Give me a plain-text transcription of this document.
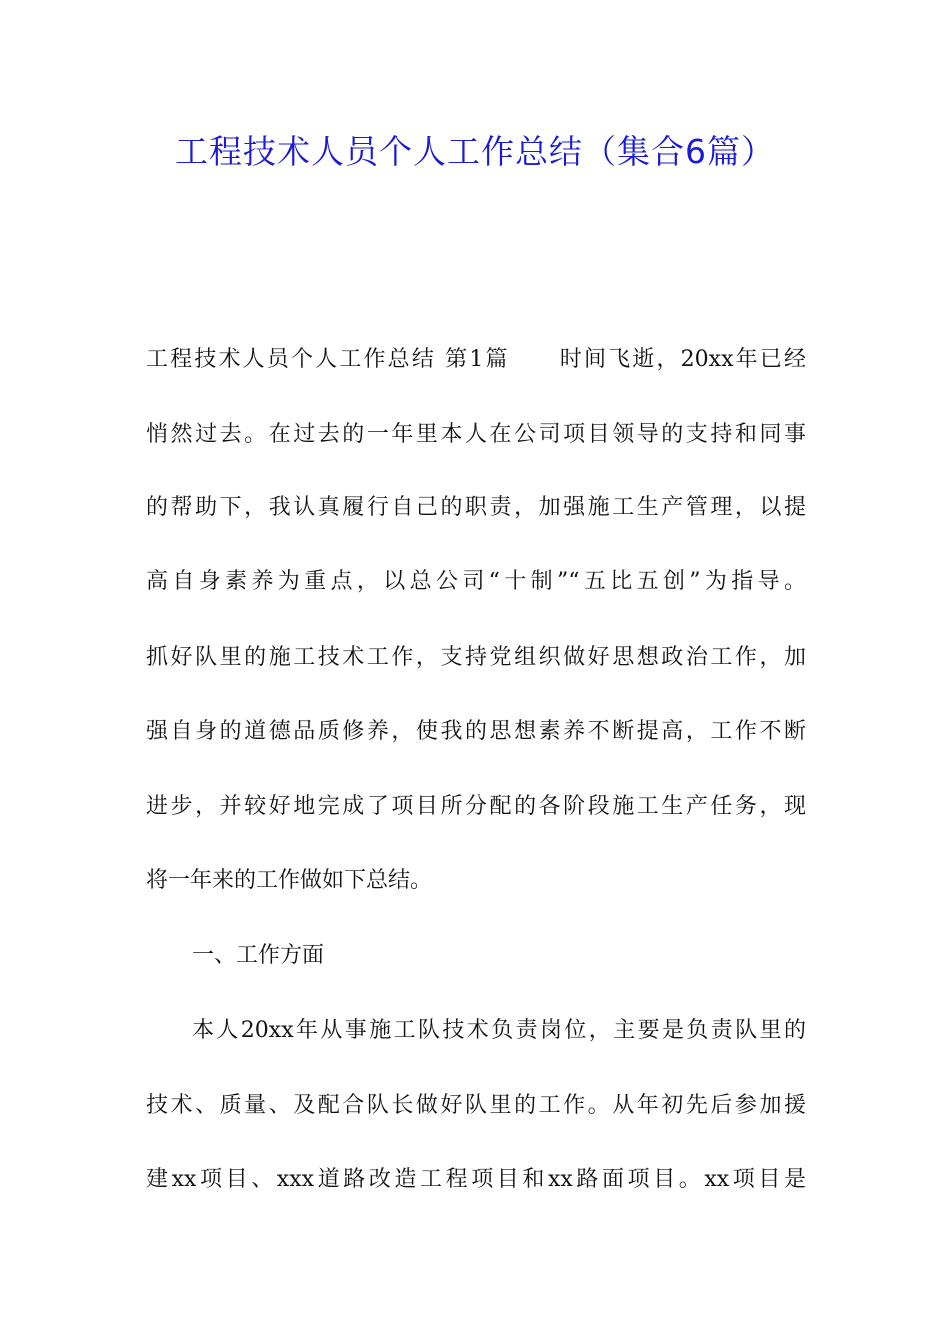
工程技术人员个人工作总结（集合6篇）
工程技术人员个人工作总结 第1篇 时间飞逝，20xx年已经
悄然过去。在过去的一年里本人在公司项目领导的支持和同事
的帮助下，我认真履行自己的职责，加强施工生产管理，以提
高自身素养为重点，以总公司“十制”“五比五创”为指导。
抓好队里的施工技术工作，支持党组织做好思想政治工作，加
强自身的道德品质修养，使我的思想素养不断提高，工作不断
进步，并较好地完成了项目所分配的各阶段施工生产任务，现
将一年来的工作做如下总结。
一、工作方面
本人20xx年从事施工队技术负责岗位，主要是负责队里的
技术、质量、及配合队长做好队里的工作。从年初先后参加援
建xx项目、xxx道路改造工程项目和xx路面项目。xx项目是
